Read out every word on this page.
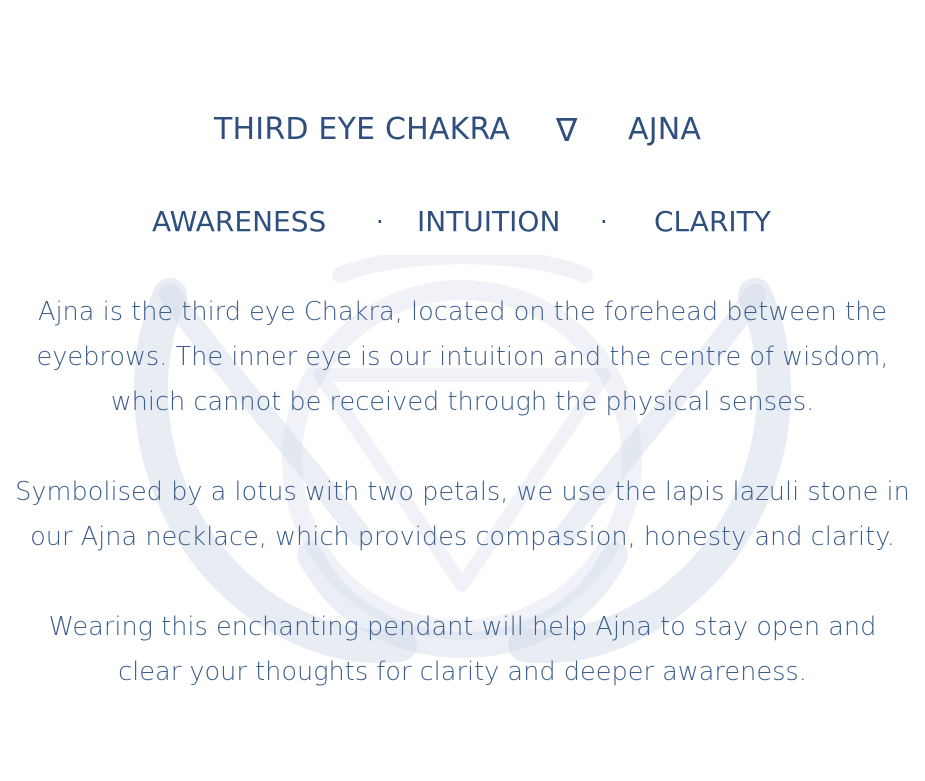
THIRD EYE CHAKRA ∇ AJNA
AWARENESS · INTUITION · CLARITY
Ajna is the third eye Chakra, located on the forehead between the
eyebrows. The inner eye is our intuition and the centre of wisdom,
which cannot be received through the physical senses.
Symbolised by a lotus with two petals, we use the lapis lazuli stone in
our Ajna necklace, which provides compassion, honesty and clarity.
Wearing this enchanting pendant will help Ajna to stay open and
clear your thoughts for clarity and deeper awareness.
